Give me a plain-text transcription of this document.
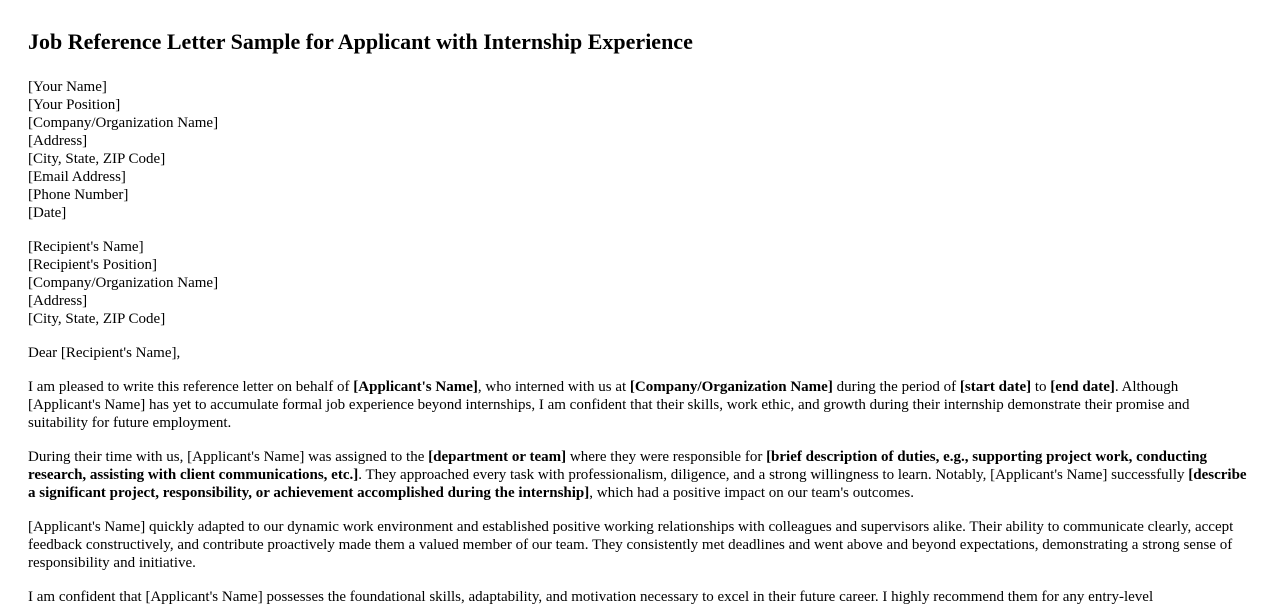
Job Reference Letter Sample for Applicant with Internship Experience
[Your Name]
[Your Position]
[Company/Organization Name]
[Address]
[City, State, ZIP Code]
[Email Address]
[Phone Number]
[Date]
[Recipient's Name]
[Recipient's Position]
[Company/Organization Name]
[Address]
[City, State, ZIP Code]

Dear [Recipient's Name],

I am pleased to write this reference letter on behalf of [Applicant's Name], who interned with us at [Company/Organization Name] during the period of [start date] to [end date]. Although [Applicant's Name] has yet to accumulate formal job experience beyond internships, I am confident that their skills, work ethic, and growth during their internship demonstrate their promise and suitability for future employment.

During their time with us, [Applicant's Name] was assigned to the [department or team] where they were responsible for [brief description of duties, e.g., supporting project work, conducting research, assisting with client communications, etc.]. They approached every task with professionalism, diligence, and a strong willingness to learn. Notably, [Applicant's Name] successfully [describe a significant project, responsibility, or achievement accomplished during the internship], which had a positive impact on our team's outcomes.

[Applicant's Name] quickly adapted to our dynamic work environment and established positive working relationships with colleagues and supervisors alike. Their ability to communicate clearly, accept feedback constructively, and contribute proactively made them a valued member of our team. They consistently met deadlines and went above and beyond expectations, demonstrating a strong sense of responsibility and initiative.

I am confident that [Applicant's Name] possesses the foundational skills, adaptability, and motivation necessary to excel in their future career. I highly recommend them for any entry-level
